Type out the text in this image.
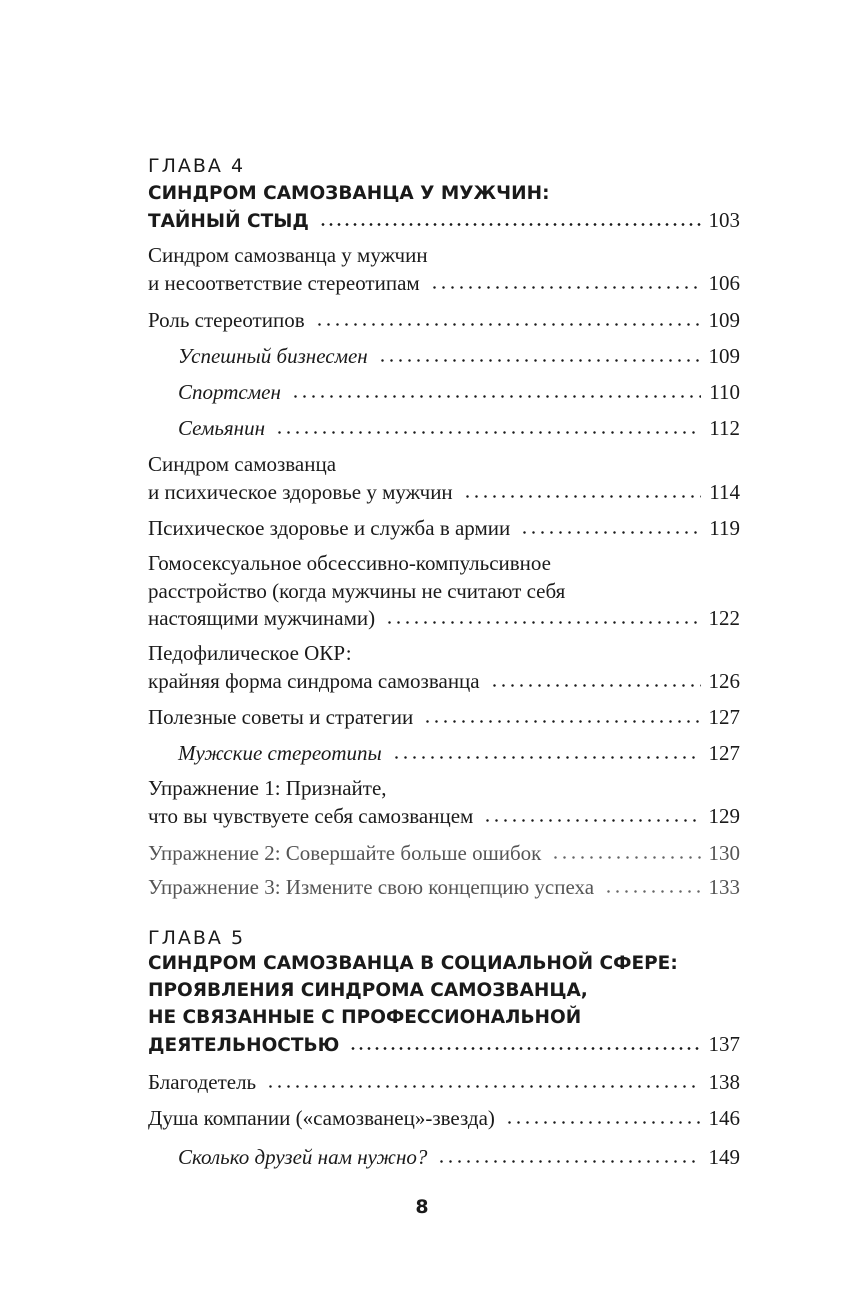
ГЛАВА 4
СИНДРОМ САМОЗВАНЦА У МУЖЧИН:
ТАЙНЫЙ СТЫД	103
Синдром самозванца у мужчин
и несоответствие стереотипам	106
Роль стереотипов	109
Успешный бизнесмен	109
Спортсмен	110
Семьянин	112
Синдром самозванца
и психическое здоровье у мужчин	114
Психическое здоровье и служба в армии	119
Гомосексуальное обсессивно-компульсивное
расстройство (когда мужчины не считают себя
настоящими мужчинами)	122
Педофилическое ОКР:
крайняя форма синдрома самозванца	126
Полезные советы и стратегии	127
Мужские стереотипы	127
Упражнение 1: Признайте,
что вы чувствуете себя самозванцем	129
Упражнение 2: Совершайте больше ошибок	130
Упражнение 3: Измените свою концепцию успеха	133
ГЛАВА 5
СИНДРОМ САМОЗВАНЦА В СОЦИАЛЬНОЙ СФЕРЕ:
ПРОЯВЛЕНИЯ СИНДРОМА САМОЗВАНЦА,
НЕ СВЯЗАННЫЕ С ПРОФЕССИОНАЛЬНОЙ
ДЕЯТЕЛЬНОСТЬЮ	137
Благодетель	138
Душа компании («самозванец»-звезда)	146
Сколько друзей нам нужно?	149
8
